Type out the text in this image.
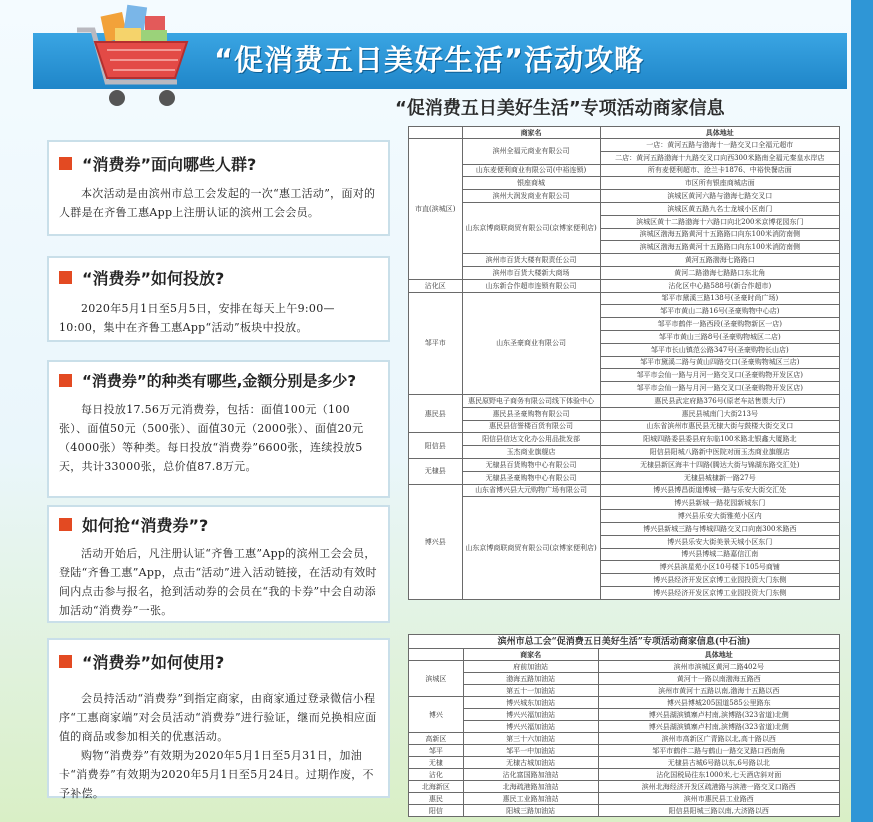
“促消费五日美好生活”活动攻略
“促消费五日美好生活”专项活动商家信息
“消费券”面向哪些人群?

本次活动是由滨州市总工会发起的一次“惠工活动”，面对的人群是在齐鲁工惠App上注册认证的滨州工会会员。

“消费券”如何投放?

2020年5月1日至5月5日，安排在每天上午9:00—10:00，集中在齐鲁工惠App“活动”板块中投放。

“消费券”的种类有哪些,金额分别是多少?

每日投放17.56万元消费券，包括：面值100元（100张）、面值50元（500张）、面值30元（2000张）、面值20元（4000张）等种类。每日投放“消费券”6600张，连续投放5天，共计33000张，总价值87.8万元。

如何抢“消费券”?

活动开始后，凡注册认证“齐鲁工惠”App的滨州工会会员，登陆“齐鲁工惠”App，点击“活动”进入活动链接，在活动有效时间内点击参与报名，抢到活动券的会员在“我的卡券”中会自动添加活动“消费券”一张。

“消费券”如何使用?

会员持活动“消费券”到指定商家，由商家通过登录微信小程序“工惠商家端”对会员活动“消费券”进行验证，继而兑换相应面值的商品或参加相关的优惠活动。

购物“消费券”有效期为2020年5月1日至5月31日，加油卡“消费券”有效期为2020年5月1日至5月24日。过期作废，不予补偿。

	商家名	具体地址
市直(滨城区)	滨州全福元商业有限公司	一店：黄河五路与渤海十一路交叉口全福元超市
		二店：黄河五路渤海十九路交叉口向西300米路南全福元秦皇水岸店
	山东麦便利商业有限公司(中裕连锁)	所有麦便利超市、沧兰卡1876、中裕快餐店面
	银座商城	市区所有银座商城店面
	滨州大润发商业有限公司	滨城区黄河六路与渤海七路交叉口
	山东京博商联商贸有限公司(京博家便利店)	滨城区黄五路九名士龙城小区南门
		滨城区黄十二路渤海十六路口向北200米京博花园东门
		滨城区渤海五路黄河十五路路口向东100米消防南侧
		滨城区渤海五路黄河十五路路口向东100米消防南侧
	滨州市百货大楼有限责任公司	黄河五路渤海七路路口
	滨州市百货大楼新大商场	黄河二路渤海七路路口东北角
沾化区	山东新合作超市连锁有限公司	沾化区中心路588号(新合作超市)
邹平市	山东圣豪商业有限公司	邹平市黛溪三路138号(圣豪时尚广场)
		邹平市黄山二路16号(圣豪购物中心店)
		邹平市鹤伴一路西段(圣豪购物新区一店)
		邹平市黄山三路8号(圣豪购物城区二店)
		邹平市长山镇范公路347号(圣豪购物长山店)
		邹平市黛溪二路与黄山四路交口(圣豪购物城区三店)
		邹平市会仙一路与月河一路交叉口(圣豪购物开发区店)
		邹平市会仙一路与月河一路交叉口(圣豪购物开发区店)
惠民县	惠民原野电子商务有限公司线下体验中心	惠民县武定府路376号(原老车站售票大厅)
	惠民县圣豪购物有限公司	惠民县城南门大街213号
	惠民县信誉楼百货有限公司	山东省滨州市惠民县无棣大街与鼓楼大街交叉口
阳信县	阳信县信达文化办公用品批发部	阳城四路委县委县府东临100米路北银鑫大厦路北
	玉杰商业旗舰店	阳信县阳城八路新中医院对面玉杰商业旗舰店
无棣县	无棣县百货购物中心有限公司	无棣县新区海丰十四路(腾达大街与锦湖东路交汇处)
	无棣县圣豪购物中心有限公司	无棣县城棣新一路27号
博兴县	山东省博兴县大元购物广场有限公司	博兴县博昌街道博城一路与乐安大街交汇处
	山东京博商联商贸有限公司(京博家便利店)	博兴县新城一路花园新城东门
		博兴县乐安大街雅苑小区内
		博兴县新城三路与博城四路交叉口向南300米路西
		博兴县乐安大街美景天城小区东门
		博兴县博城二路嘉信江南
		博兴县滨星苑小区10号楼下105号商铺
		博兴县经济开发区京博工业园投资大门东侧
		博兴县经济开发区京博工业园投资大门东侧
滨州市总工会“促消费五日美好生活”专项活动商家信息(中石油)		
	商家名	具体地址
滨城区	府前加油站	滨州市滨城区黄河二路402号
	渤海五路加油站	黄河十一路以南渤海五路西
	第五十一加油站	滨州市黄河十五路以南,渤海十五路以西
博兴	博兴城东加油站	博兴县博城205国道585公里路东
	博兴兴福加油站	博兴县湖滨镇寨卢村南,滨博路(323省道)北侧
	博兴兴福加油站	博兴县湖滨镇寨卢村南,滨博路(323省道)北侧
高新区	第三十六加油站	滨州市高新区广青路以北,高十路以西
邹平	邹平一中加油站	邹平市鹤伴二路与鹤山一路交叉路口西南角
无棣	无棣古城加油站	无棣县古城6号路以东,6号路以北
沾化	沾化富国路加油站	沾化国税局往东1000米,七天酒店斜对面
北海新区	北海疏港路加油站	滨州北海经济开发区疏港路与滨港一路交叉口路西
惠民	惠民工业路加油站	滨州市惠民县工业路西
阳信	阳城三路加油站	阳信县阳城三路以南,大济路以西
